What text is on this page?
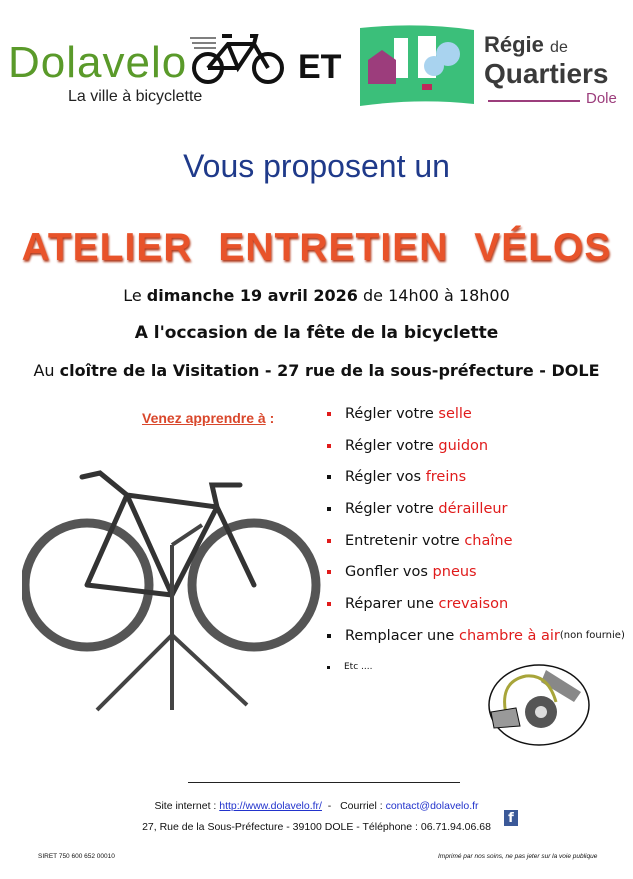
Dolavelo
La ville à bicyclette
ET
Régie de
Quartiers
Dole
Vous proposent un
ATELIER ENTRETIEN VÉLOS
Le dimanche 19 avril 2026 de 14h00 à 18h00
A l'occasion de la fête de la bicyclette
Au cloître de la Visitation - 27 rue de la sous-préfecture - DOLE
Venez apprendre à :	Régler votre
selle
Régler votre
guidon
Régler vos
freins
Régler votre
dérailleur
Entretenir votre
chaîne
Gonfler vos
pneus
Réparer une
crevaison
Remplacer une
chambre à air (non fournie)
Etc ....
Site internet : http://www.dolavelo.fr/  -   Courriel : contact@dolavelo.fr
27, Rue de la Sous-Préfecture - 39100 DOLE - Téléphone : 06.71.94.06.68
f
SIRET 750 600 652 00010	Imprimé par nos soins, ne pas jeter sur la voie publique
